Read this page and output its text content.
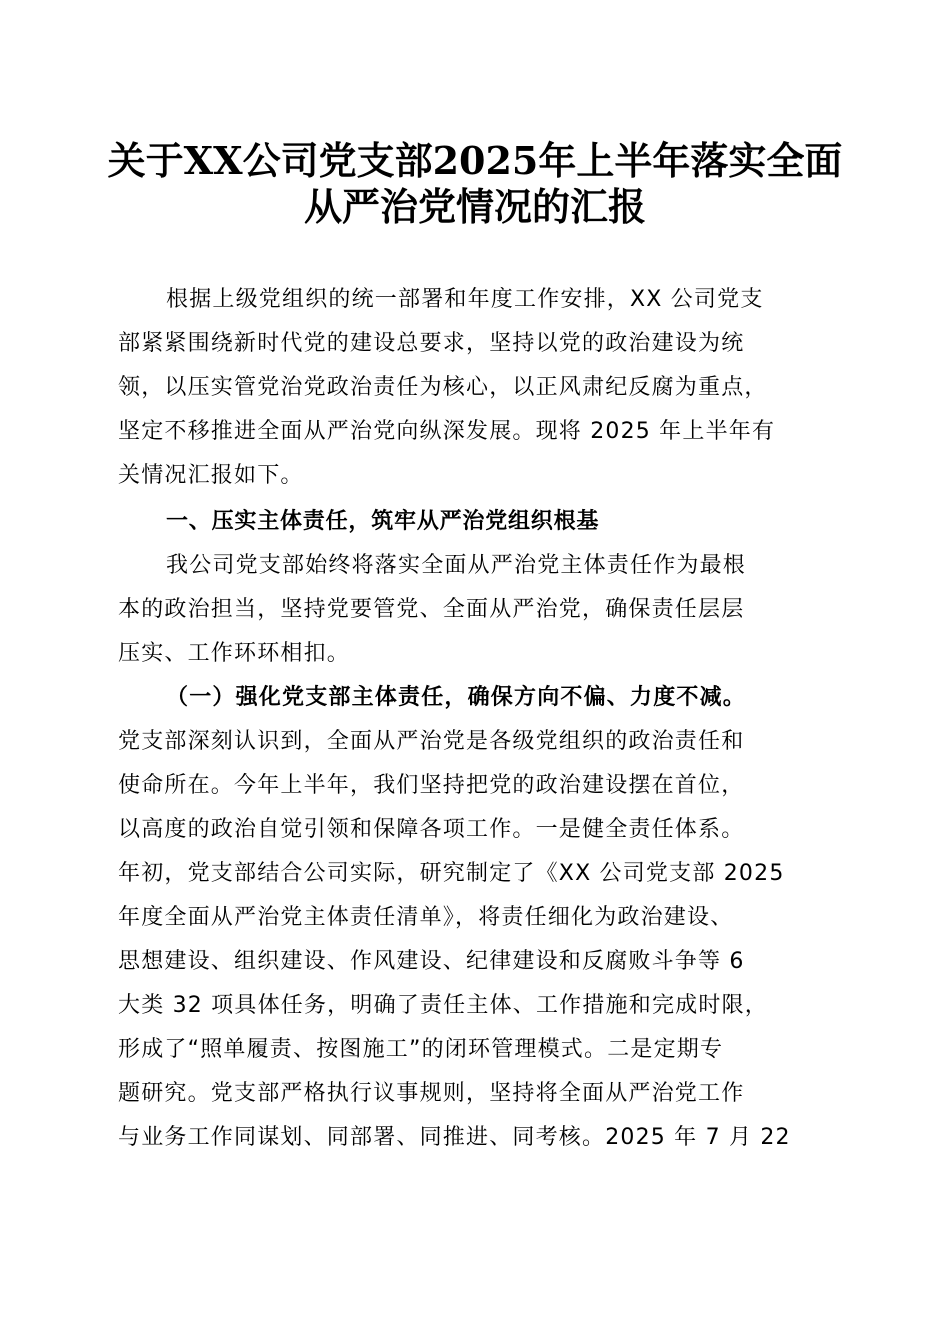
关于XX公司党支部2025年上半年落实全面
从严治党情况的汇报
根据上级党组织的统一部署和年度工作安排，XX 公司党支
部紧紧围绕新时代党的建设总要求，坚持以党的政治建设为统
领，以压实管党治党政治责任为核心，以正风肃纪反腐为重点，
坚定不移推进全面从严治党向纵深发展。现将 2025 年上半年有
关情况汇报如下。
一、压实主体责任，筑牢从严治党组织根基
我公司党支部始终将落实全面从严治党主体责任作为最根
本的政治担当，坚持党要管党、全面从严治党，确保责任层层
压实、工作环环相扣。
（一）强化党支部主体责任，确保方向不偏、力度不减。
党支部深刻认识到，全面从严治党是各级党组织的政治责任和
使命所在。今年上半年，我们坚持把党的政治建设摆在首位，
以高度的政治自觉引领和保障各项工作。一是健全责任体系。
年初，党支部结合公司实际，研究制定了《XX 公司党支部 2025
年度全面从严治党主体责任清单》，将责任细化为政治建设、
思想建设、组织建设、作风建设、纪律建设和反腐败斗争等 6
大类 32 项具体任务，明确了责任主体、工作措施和完成时限，
形成了“照单履责、按图施工”的闭环管理模式。二是定期专
题研究。党支部严格执行议事规则，坚持将全面从严治党工作
与业务工作同谋划、同部署、同推进、同考核。2025 年 7 月 22
